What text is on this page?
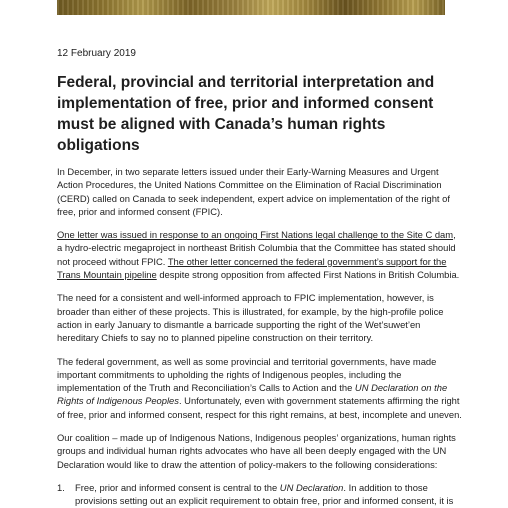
12 February 2019
Federal, provincial and territorial interpretation and implementation of free, prior and informed consent must be aligned with Canada’s human rights obligations

In December, in two separate letters issued under their Early-Warning Measures and Urgent Action Procedures, the United Nations Committee on the Elimination of Racial Discrimination (CERD) called on Canada to seek independent, expert advice on implementation of the right of free, prior and informed consent (FPIC).

One letter was issued in response to an ongoing First Nations legal challenge to the Site C dam, a hydro-electric megaproject in northeast British Columbia that the Committee has stated should not proceed without FPIC. The other letter concerned the federal government’s support for the Trans Mountain pipeline despite strong opposition from affected First Nations in British Columbia.

The need for a consistent and well-informed approach to FPIC implementation, however, is broader than either of these projects. This is illustrated, for example, by the high-profile police action in early January to dismantle a barricade supporting the right of the Wet’suwet’en hereditary Chiefs to say no to planned pipeline construction on their territory.

The federal government, as well as some provincial and territorial governments, have made important commitments to upholding the rights of Indigenous peoples, including the implementation of the Truth and Reconciliation’s Calls to Action and the UN Declaration on the Rights of Indigenous Peoples. Unfortunately, even with government statements affirming the right of free, prior and informed consent, respect for this right remains, at best, incomplete and uneven.

Our coalition – made up of Indigenous Nations, Indigenous peoples’ organizations, human rights groups and individual human rights advocates who have all been deeply engaged with the UN Declaration would like to draw the attention of policy-makers to the following considerations:

1. Free, prior and informed consent is central to the UN Declaration. In addition to those provisions setting out an explicit requirement to obtain free, prior and informed consent, it is
